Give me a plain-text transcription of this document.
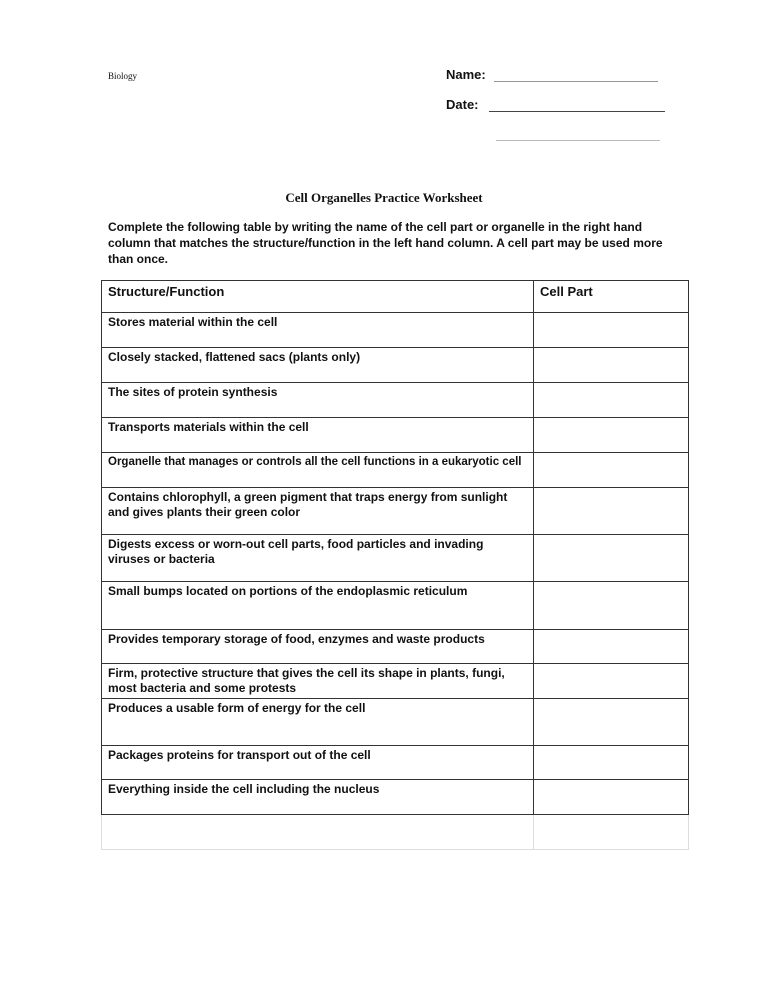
Biology	Name:
Date:
Cell Organelles Practice Worksheet
Complete the following table by writing the name of the cell part or organelle in the right hand column that matches the structure/function in the left hand column. A cell part may be used more than once.
Structure/Function	Cell Part
Stores material within the cell	
Closely stacked, flattened sacs (plants only)	
The sites of protein synthesis	
Transports materials within the cell	
Organelle that manages or controls all the cell functions in a eukaryotic cell	
Contains chlorophyll, a green pigment that traps energy from sunlight and gives plants their green color	
Digests excess or worn-out cell parts, food particles and invading viruses or bacteria	
Small bumps located on portions of the endoplasmic reticulum	
Provides temporary storage of food, enzymes and waste products	
Firm, protective structure that gives the cell its shape in plants, fungi, most bacteria and some protests	
Produces a usable form of energy for the cell	
Packages proteins for transport out of the cell	
Everything inside the cell including the nucleus	
